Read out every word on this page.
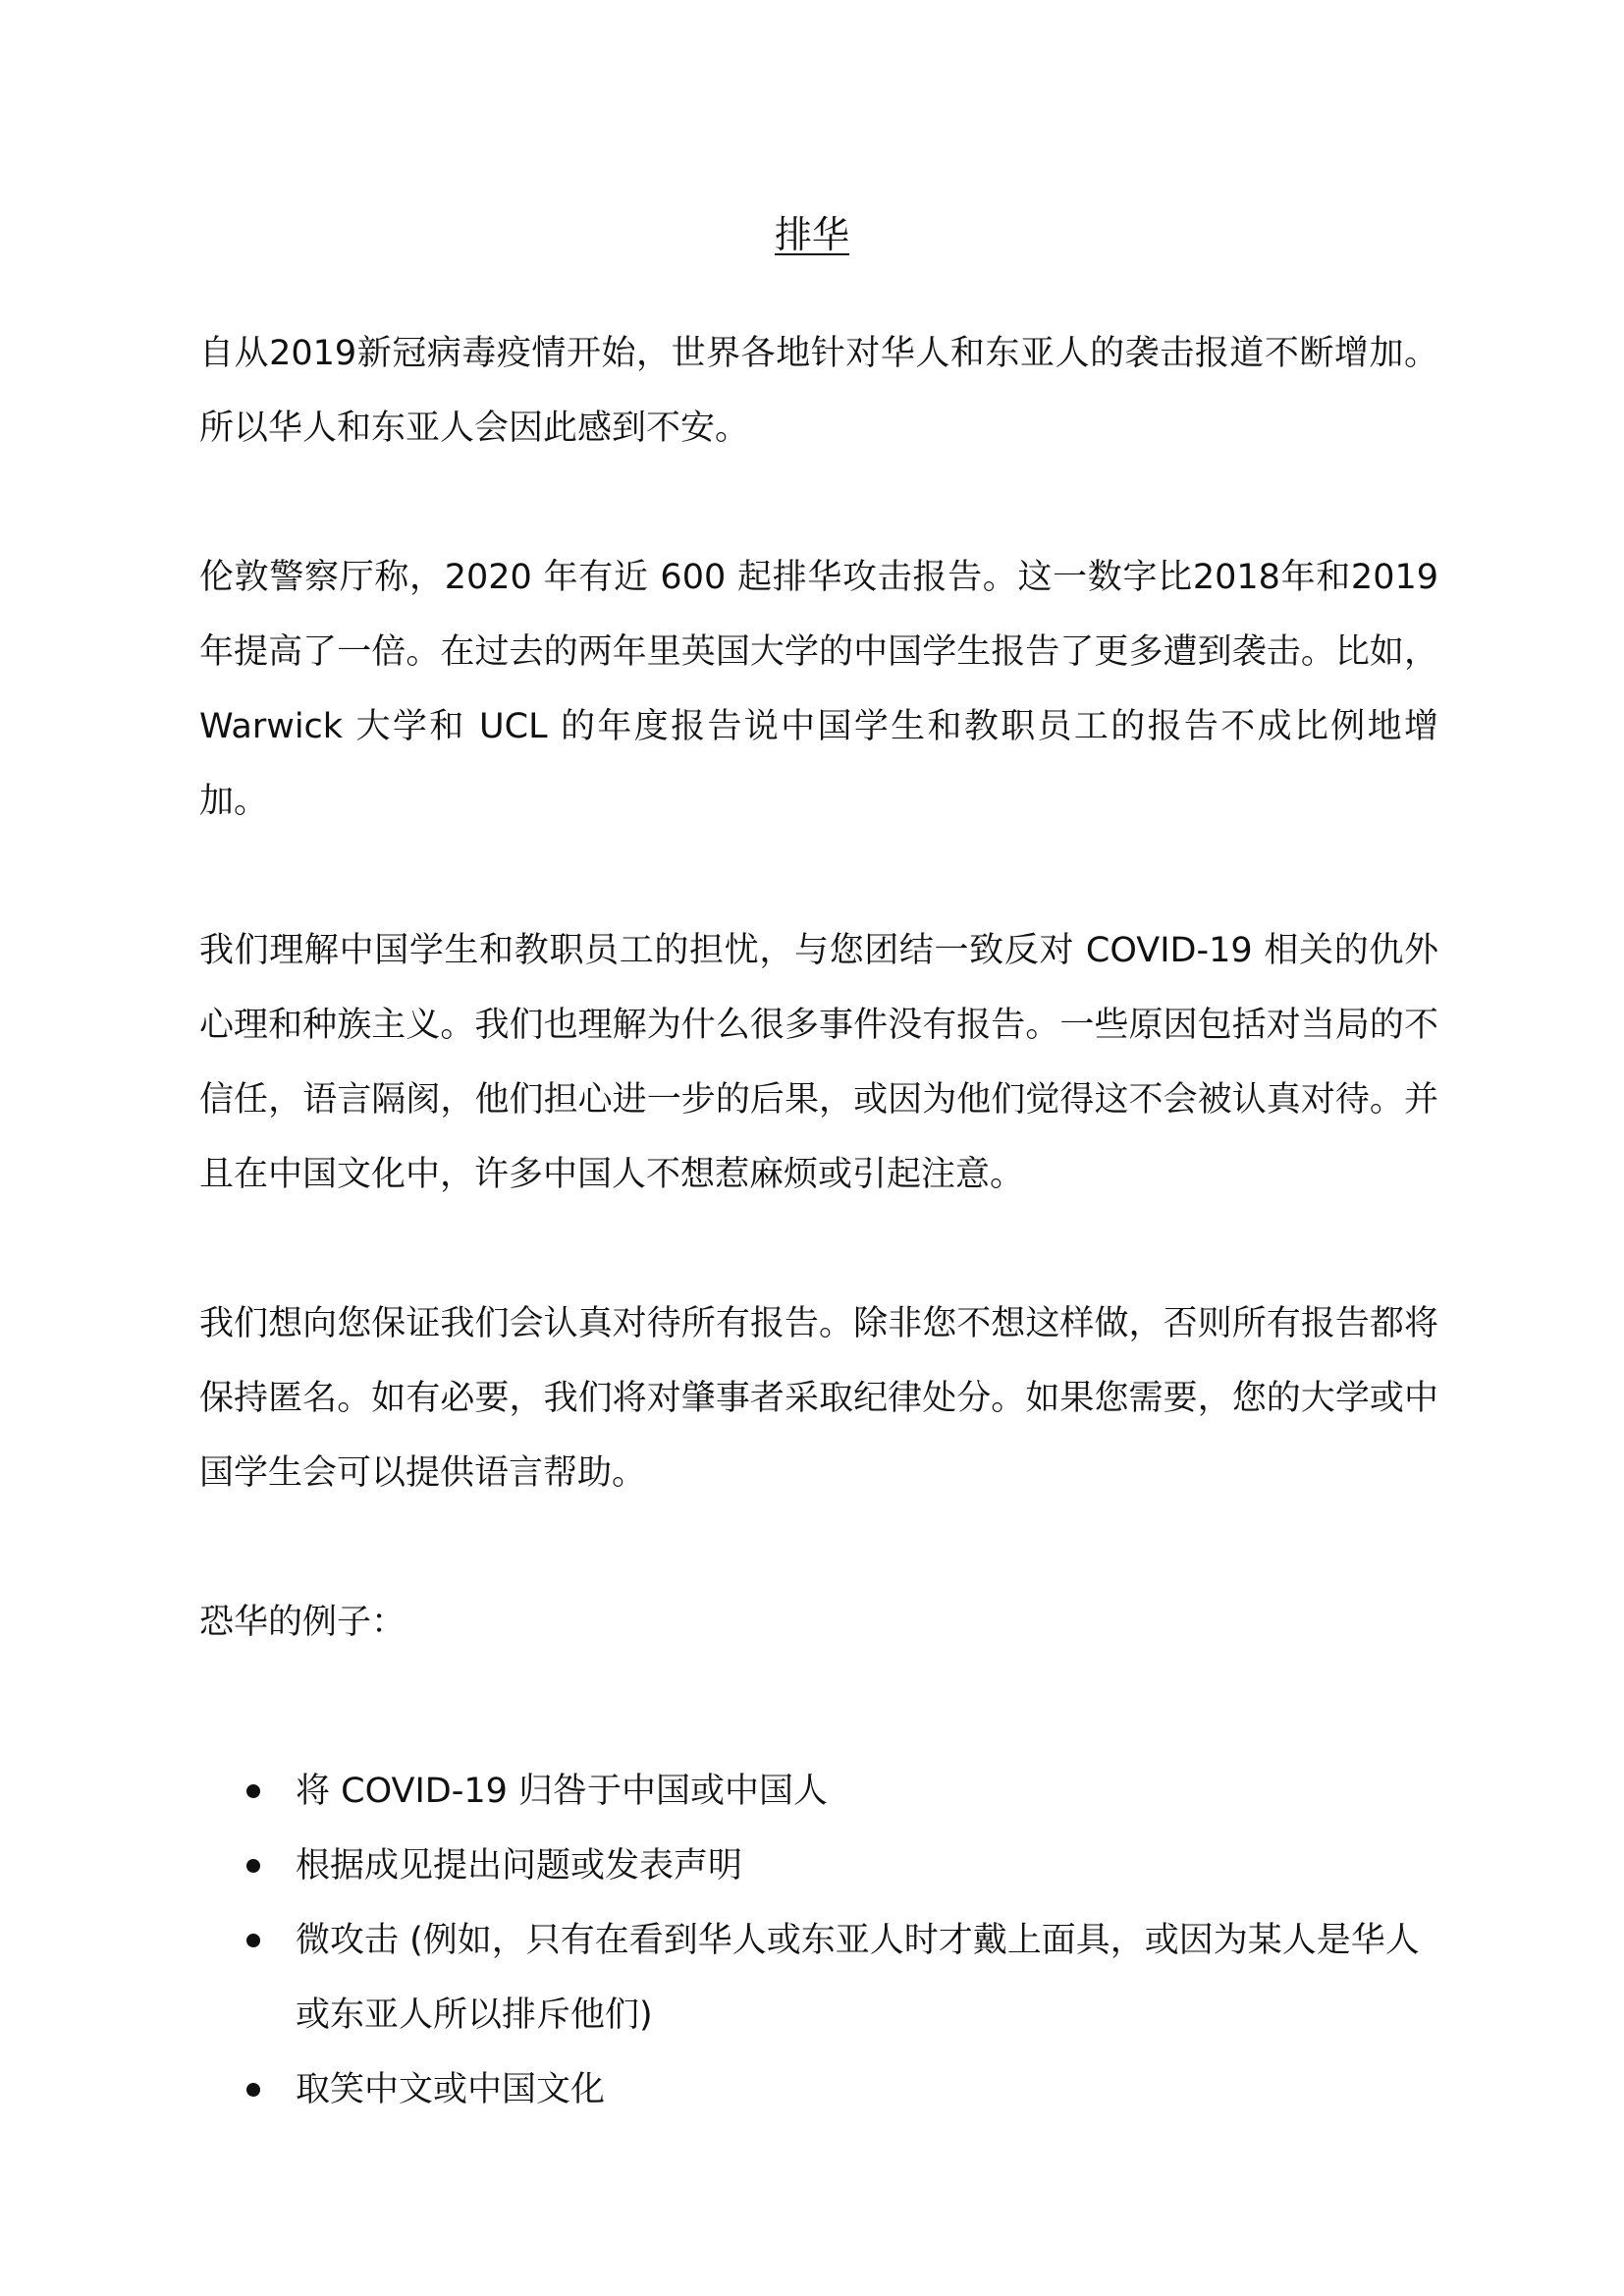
排华

自从2019新冠病毒疫情开始，世界各地针对华人和东亚人的袭击报道不断增加。所以华人和东亚人会因此感到不安。

伦敦警察厅称，2020 年有近 600 起排华攻击报告。这一数字比2018年和2019年提高了一倍。在过去的两年里英国大学的中国学生报告了更多遭到袭击。比如，Warwick 大学和 UCL 的年度报告说中国学生和教职员工的报告不成比例地增加。

我们理解中国学生和教职员工的担忧，与您团结一致反对 COVID-19 相关的仇外心理和种族主义。我们也理解为什么很多事件没有报告。一些原因包括对当局的不信任，语言隔阂，他们担心进一步的后果，或因为他们觉得这不会被认真对待。并且在中国文化中，许多中国人不想惹麻烦或引起注意。

我们想向您保证我们会认真对待所有报告。除非您不想这样做，否则所有报告都将保持匿名。如有必要，我们将对肇事者采取纪律处分。如果您需要，您的大学或中国学生会可以提供语言帮助。

恐华的例子：

将 COVID-19 归咎于中国或中国人
根据成见提出问题或发表声明
微攻击 (例如，只有在看到华人或东亚人时才戴上面具，或因为某人是华人或东亚人所以排斥他们)
取笑中文或中国文化
